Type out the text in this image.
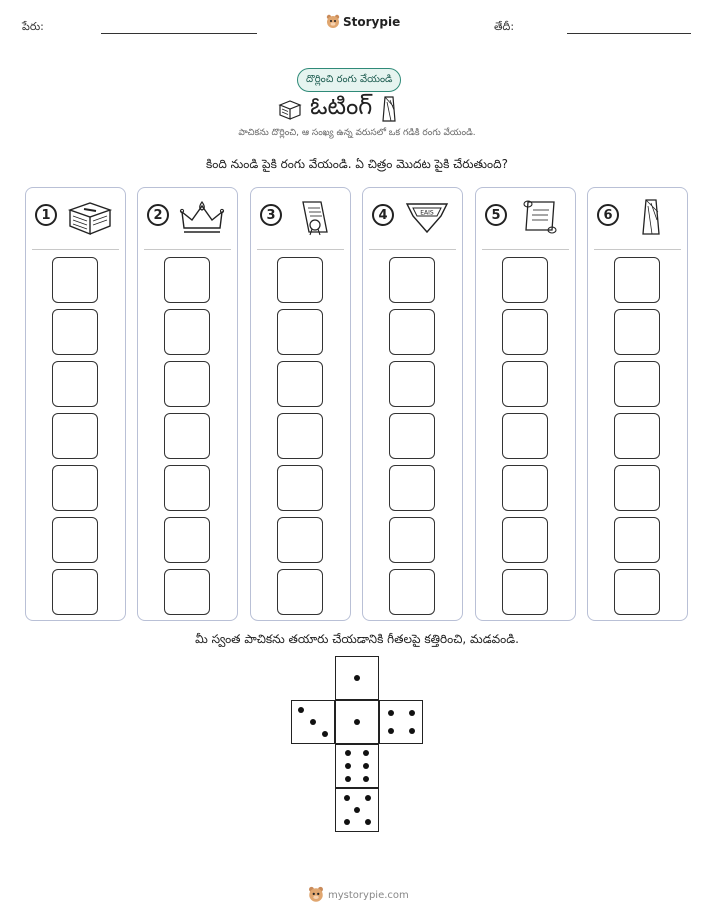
పేరు:	Storypie	తేదీ:
దొర్లించి రంగు వేయండి
ఓటింగ్
పాచికను దొర్లించి, ఆ సంఖ్య ఉన్న వరుసలో ఒక గడికి రంగు వేయండి.
కింది నుండి పైకి రంగు వేయండి. ఏ చిత్రం మొదట పైకి చేరుతుంది?
1	2	3	4	EAIS	5	6
మీ స్వంత పాచికను తయారు చేయడానికి గీతలపై కత్తిరించి, మడవండి.
mystorypie.com
